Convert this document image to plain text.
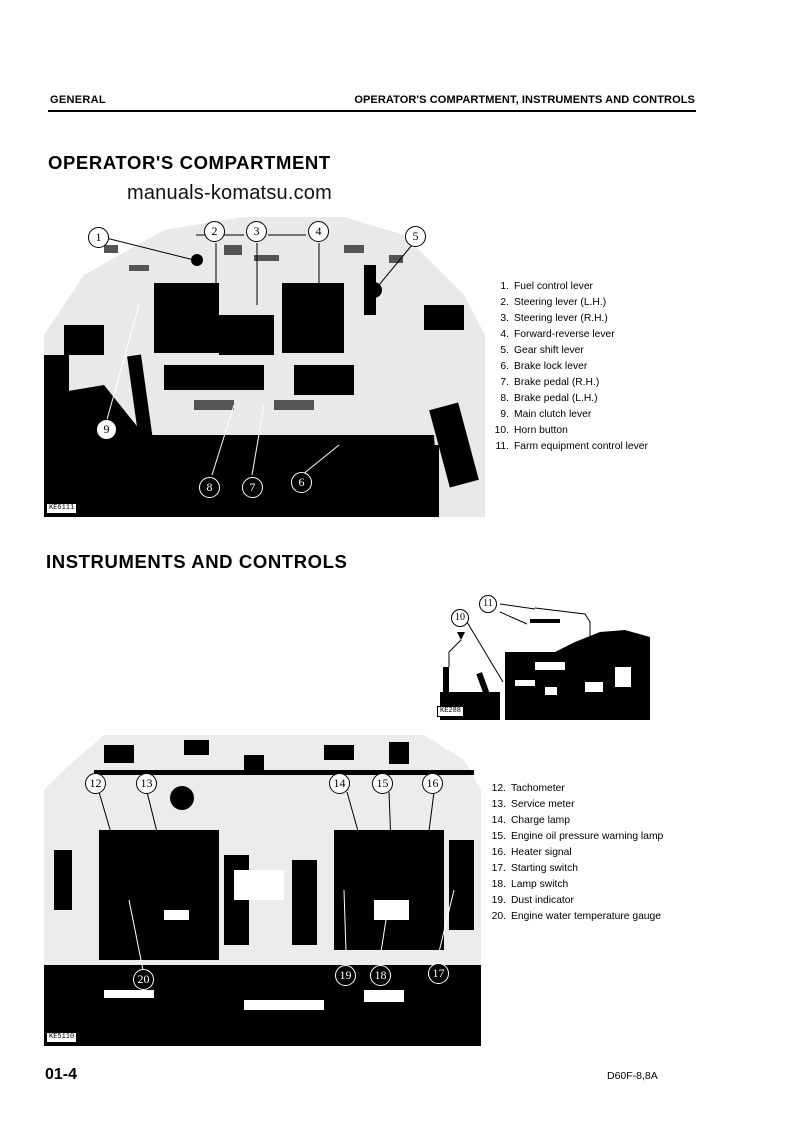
GENERAL	OPERATOR'S COMPARTMENT, INSTRUMENTS AND CONTROLS
OPERATOR'S COMPARTMENT
manuals-komatsu.com
1	2	3	4	5
6
7
8
9
KE6111
1. Fuel control lever
2. Steering lever (L.H.)
3. Steering lever (R.H.)
4. Forward-reverse lever
5. Gear shift lever
6. Brake lock lever
7. Brake pedal (R.H.)
8. Brake pedal (L.H.)
9. Main clutch lever
10. Horn button
11. Farm equipment control lever
INSTRUMENTS AND CONTROLS
10
11
KE288
12	13	14	15	16
17
18
19
20
KE5110
12. Tachometer
13. Service meter
14. Charge lamp
15. Engine oil pressure warning lamp
16. Heater signal
17. Starting switch
18. Lamp switch
19. Dust indicator
20. Engine water temperature gauge
01-4	D60F-8,8A
